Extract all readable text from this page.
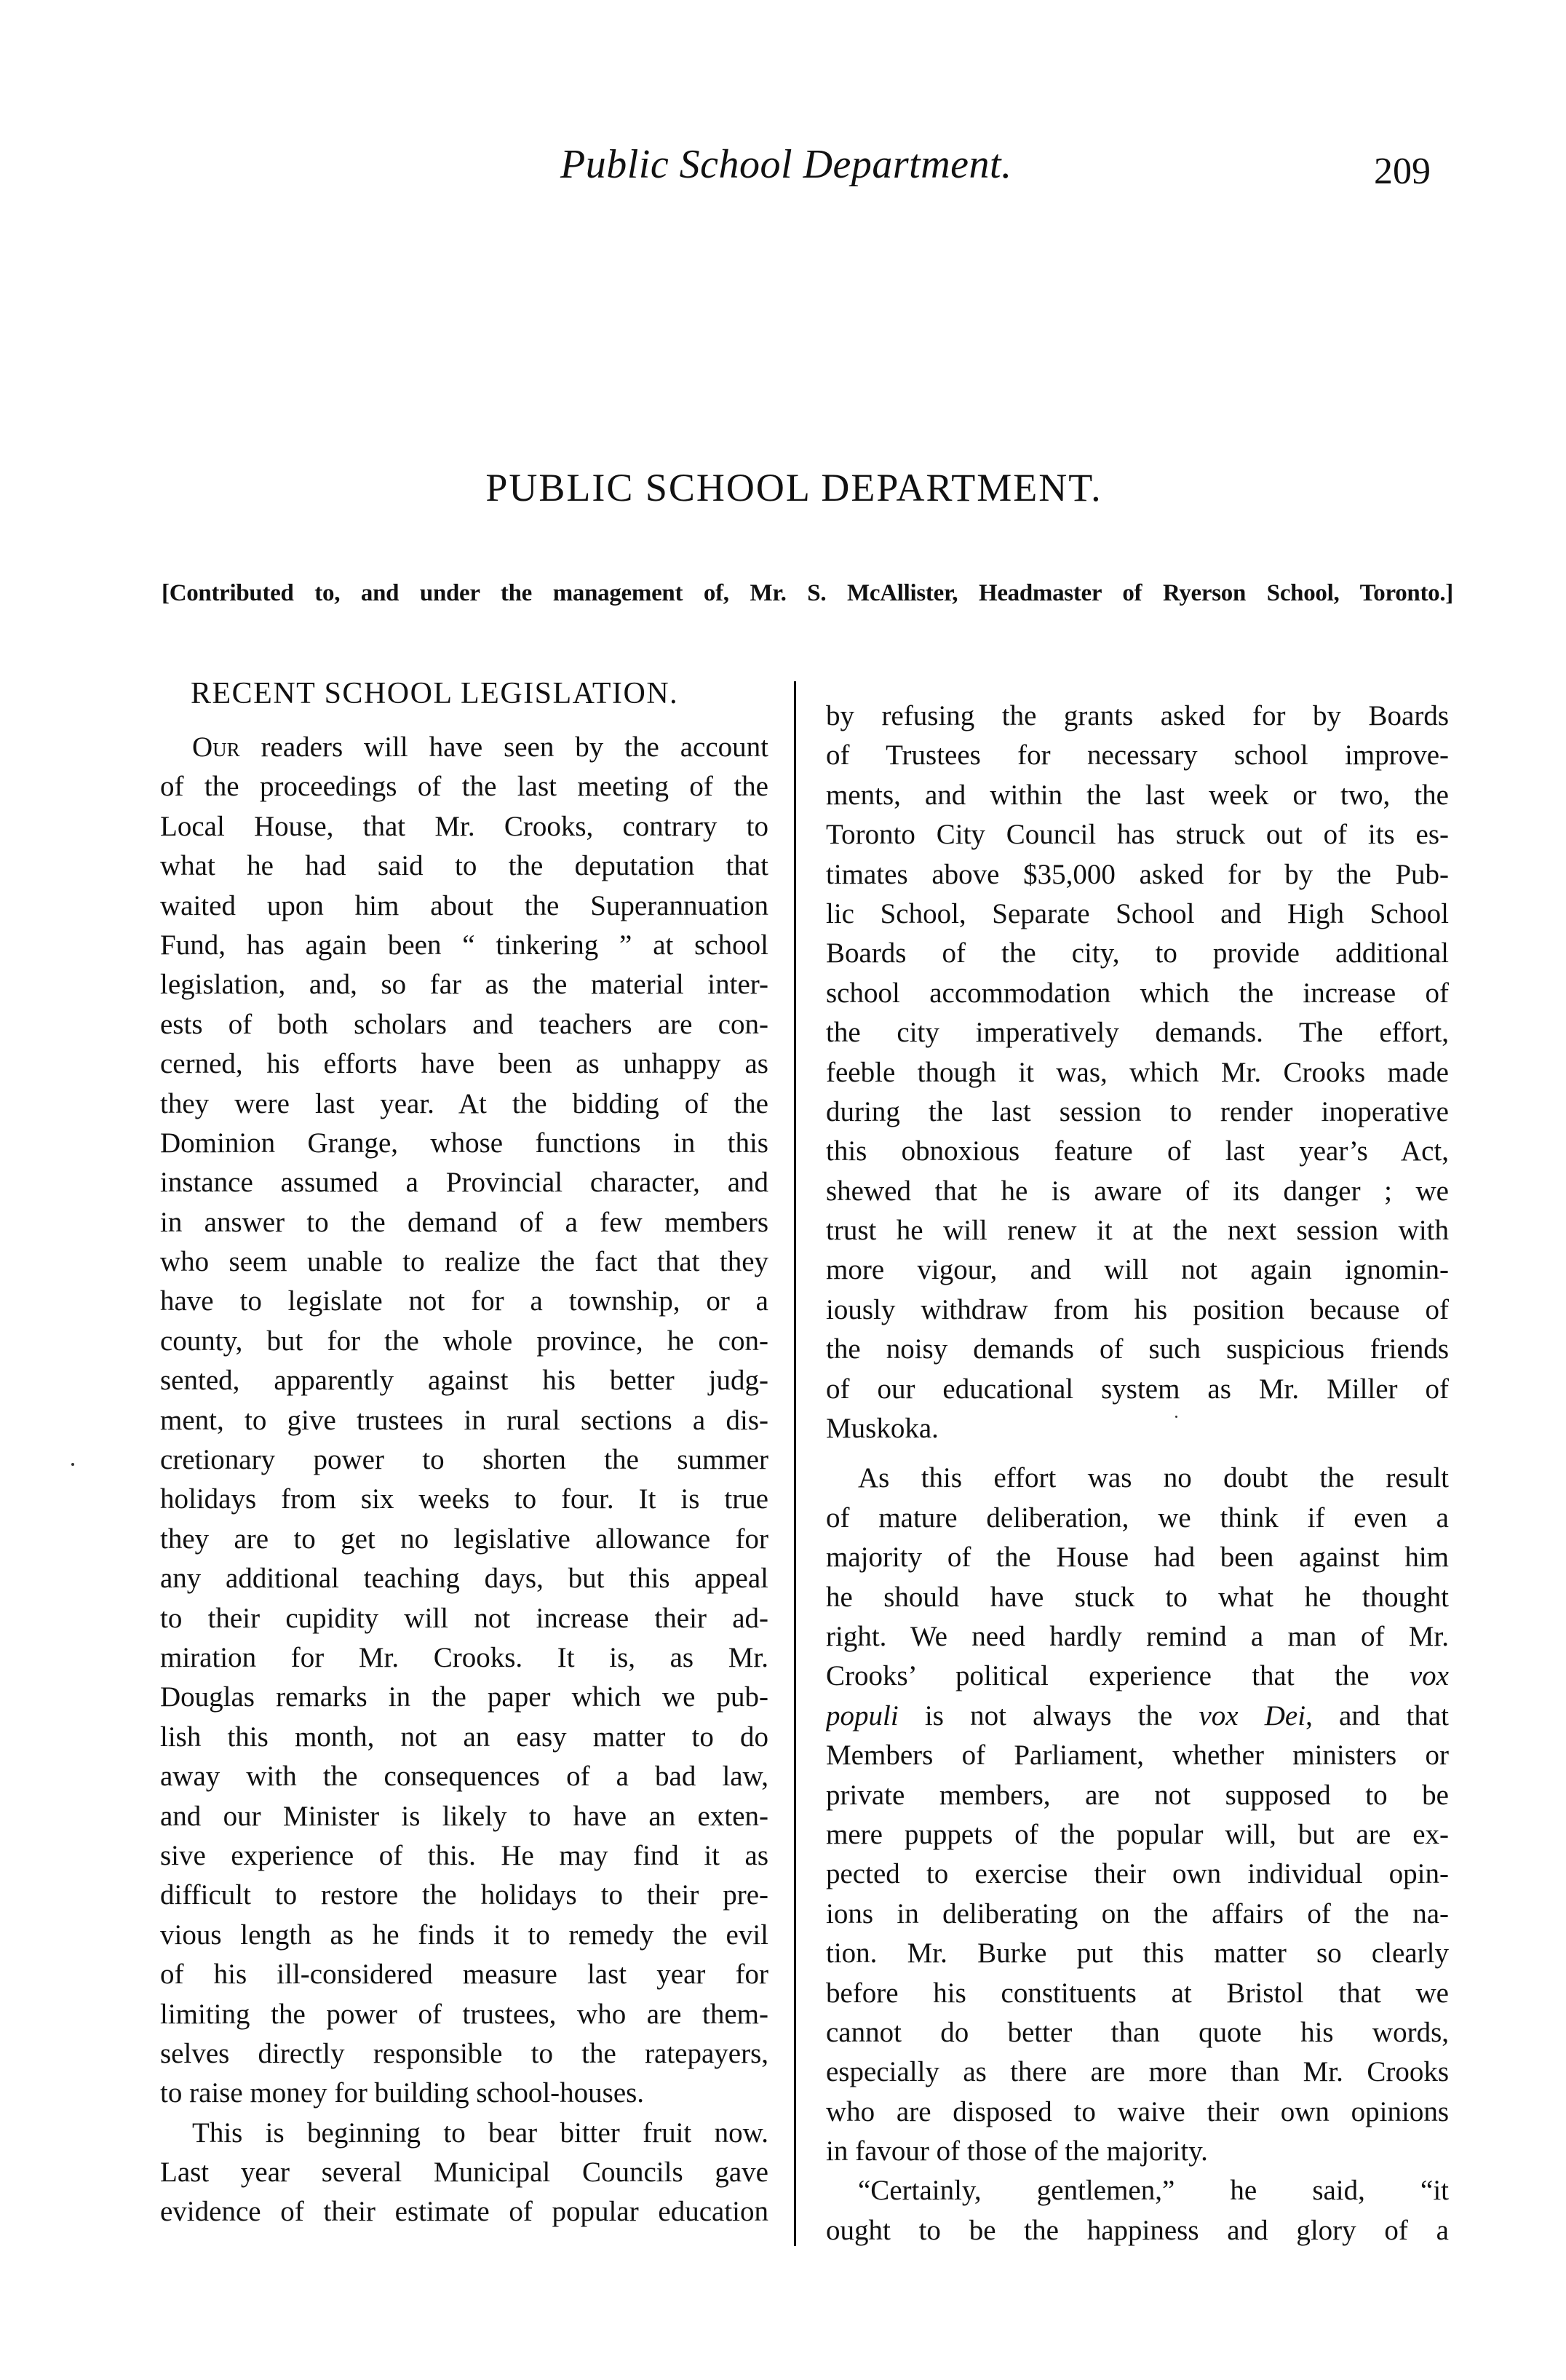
Public School Department.	209
PUBLIC SCHOOL DEPARTMENT.
[Contributed to, and under the management of, Mr. S. McAllister, Headmaster of Ryerson School, Toronto.]
RECENT SCHOOL LEGISLATION.
Our readers will have seen by the account
of the proceedings of the last meeting of the
Local House, that Mr. Crooks, contrary to
what he had said to the deputation that
waited upon him about the Superannuation
Fund, has again been “ tinkering ” at school
legislation, and, so far as the material inter-
ests of both scholars and teachers are con-
cerned, his efforts have been as unhappy as
they were last year. At the bidding of the
Dominion Grange, whose functions in this
instance assumed a Provincial character, and
in answer to the demand of a few members
who seem unable to realize the fact that they
have to legislate not for a township, or a
county, but for the whole province, he con-
sented, apparently against his better judg-
ment, to give trustees in rural sections a dis-
cretionary power to shorten the summer
holidays from six weeks to four. It is true
they are to get no legislative allowance for
any additional teaching days, but this appeal
to their cupidity will not increase their ad-
miration for Mr. Crooks. It is, as Mr.
Douglas remarks in the paper which we pub-
lish this month, not an easy matter to do
away with the consequences of a bad law,
and our Minister is likely to have an exten-
sive experience of this. He may find it as
difficult to restore the holidays to their pre-
vious length as he finds it to remedy the evil
of his ill-considered measure last year for
limiting the power of trustees, who are them-
selves directly responsible to the ratepayers,
to raise money for building school-houses.
This is beginning to bear bitter fruit now.
Last year several Municipal Councils gave
evidence of their estimate of popular education
by refusing the grants asked for by Boards
of Trustees for necessary school improve-
ments, and within the last week or two, the
Toronto City Council has struck out of its es-
timates above $35,000 asked for by the Pub-
lic School, Separate School and High School
Boards of the city, to provide additional
school accommodation which the increase of
the city imperatively demands. The effort,
feeble though it was, which Mr. Crooks made
during the last session to render inoperative
this obnoxious feature of last year’s Act,
shewed that he is aware of its danger ; we
trust he will renew it at the next session with
more vigour, and will not again ignomin-
iously withdraw from his position because of
the noisy demands of such suspicious friends
of our educational system as Mr. Miller of
Muskoka.
As this effort was no doubt the result
of mature deliberation, we think if even a
majority of the House had been against him
he should have stuck to what he thought
right. We need hardly remind a man of Mr.
Crooks’ political experience that the vox
populi is not always the vox Dei, and that
Members of Parliament, whether ministers or
private members, are not supposed to be
mere puppets of the popular will, but are ex-
pected to exercise their own individual opin-
ions in deliberating on the affairs of the na-
tion. Mr. Burke put this matter so clearly
before his constituents at Bristol that we
cannot do better than quote his words,
especially as there are more than Mr. Crooks
who are disposed to waive their own opinions
in favour of those of the majority.
“Certainly, gentlemen,” he said, “it
ought to be the happiness and glory of a
